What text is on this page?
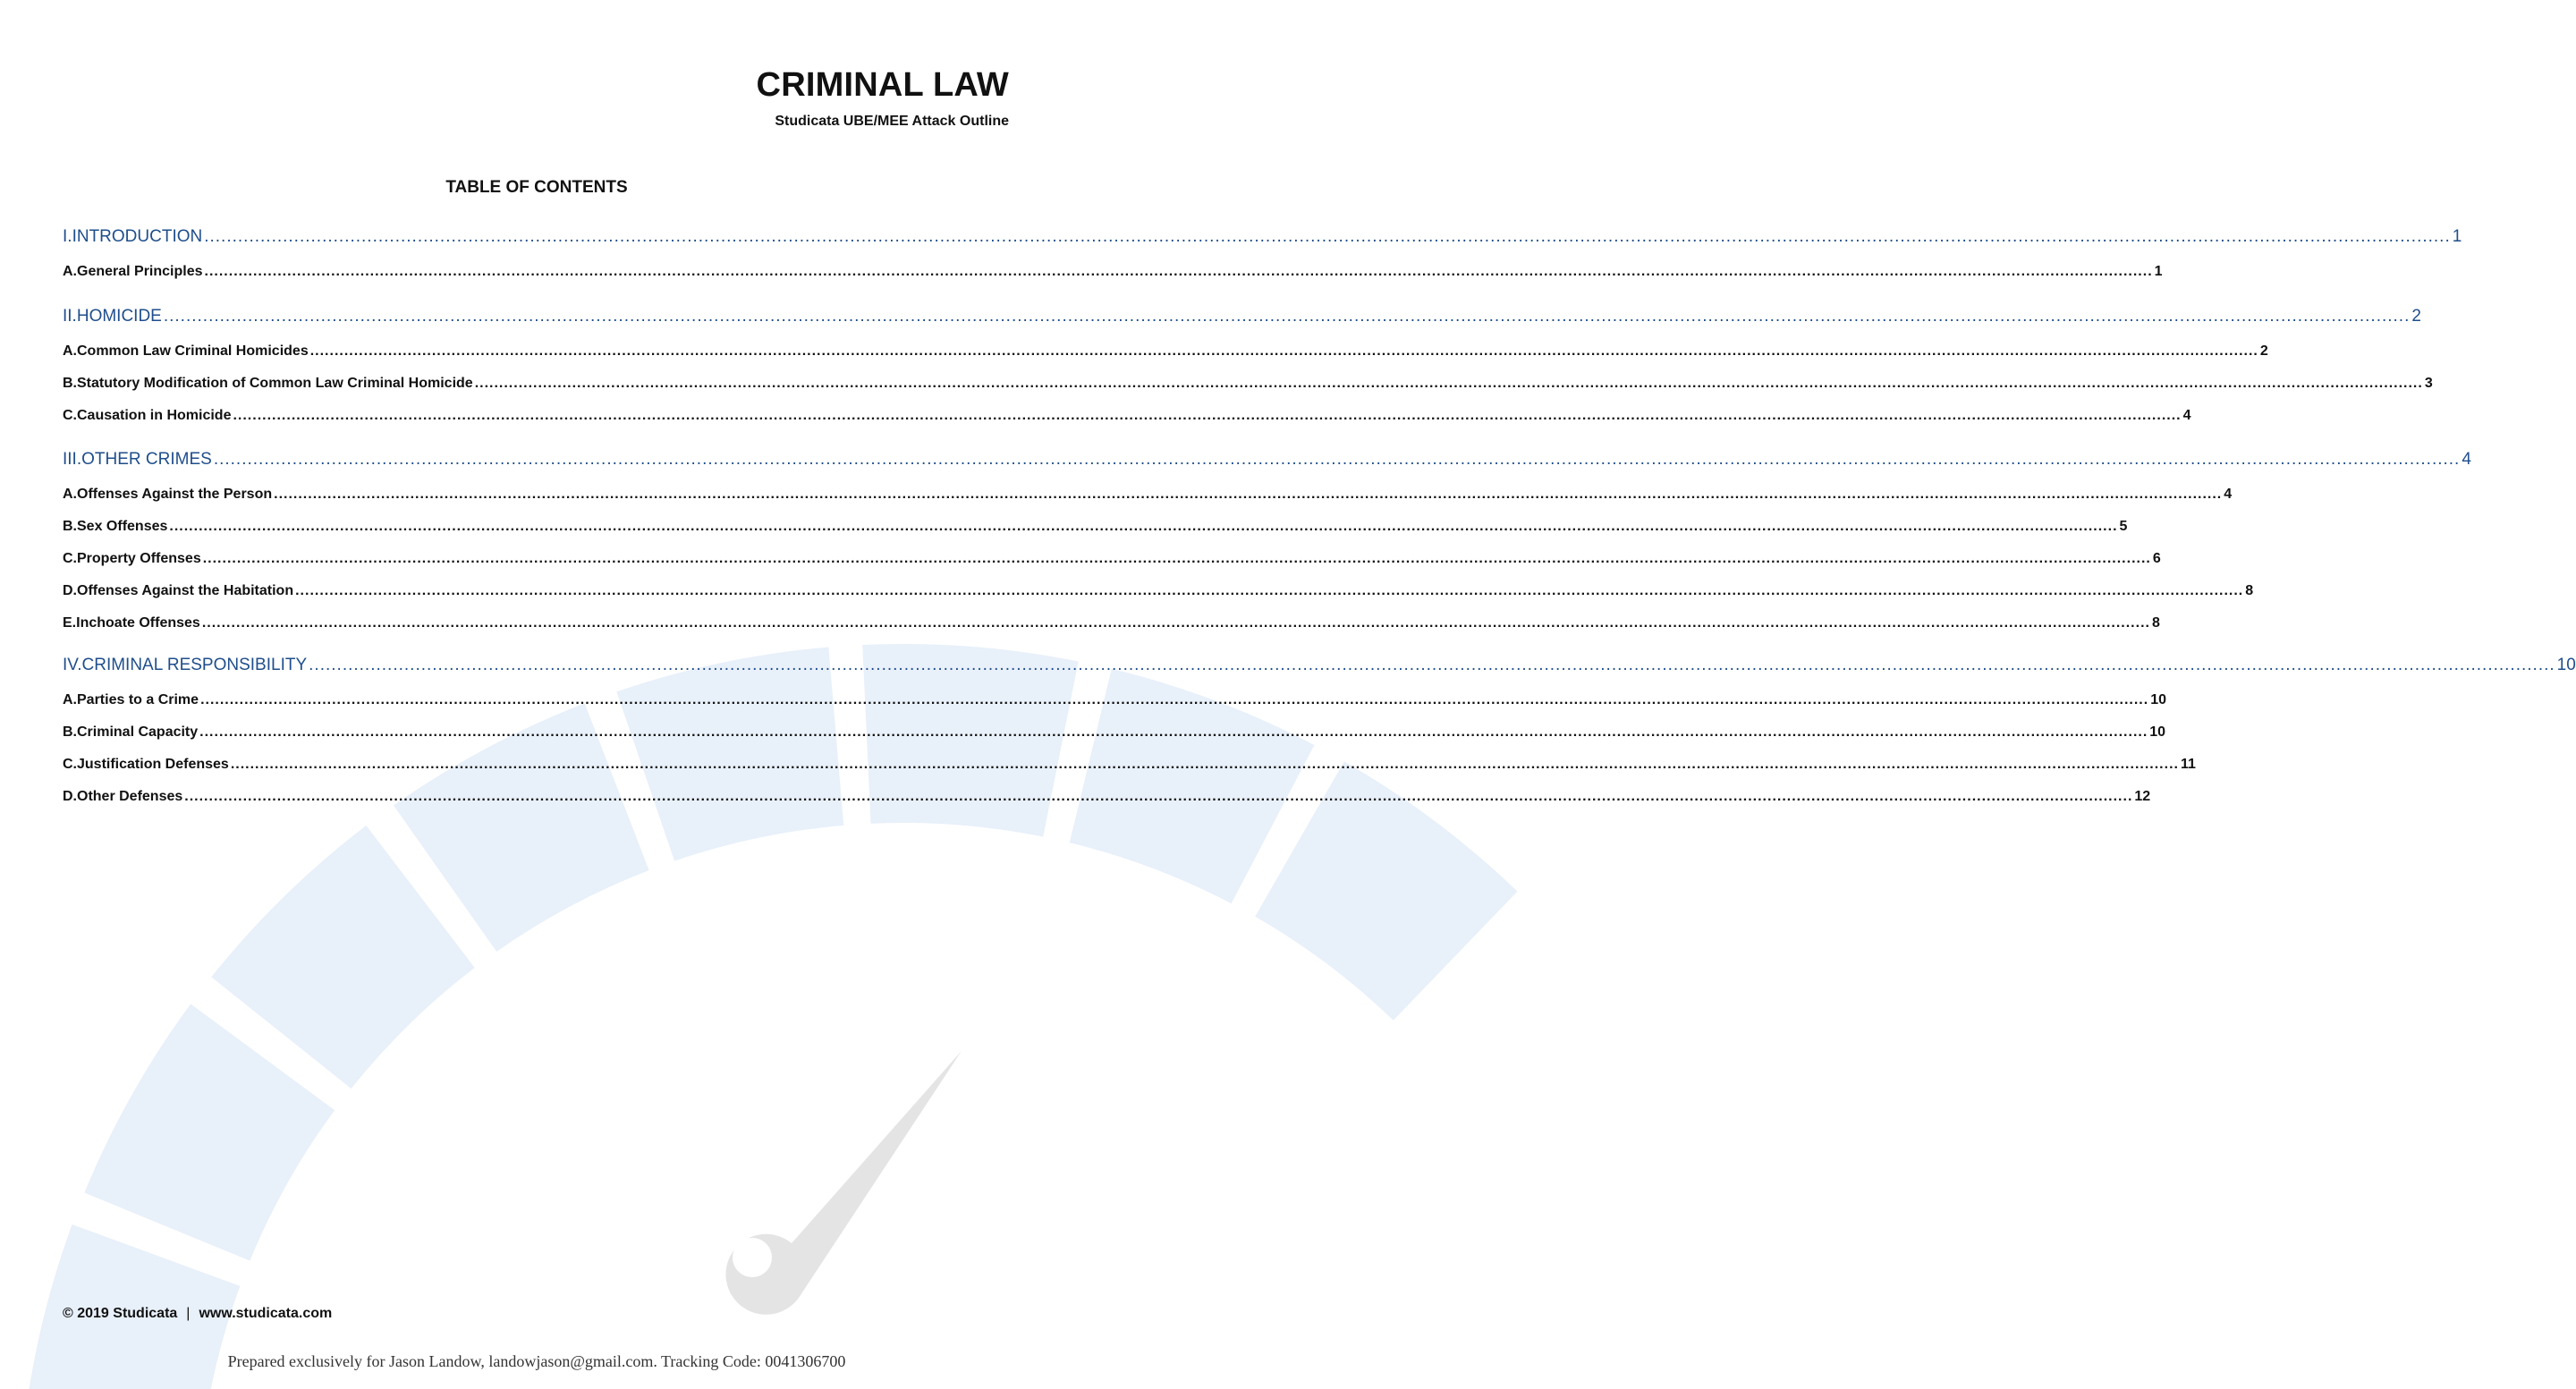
CRIMINAL LAW
Studicata UBE/MEE Attack Outline
TABLE OF CONTENTS
I. INTRODUCTION ................................................................................................................................................................................................................................................................................................................................................................................................................ 1
A. General Principles ................................................................................................................................................................................................................................................................................................................................................................................................................ 1
II. HOMICIDE ................................................................................................................................................................................................................................................................................................................................................................................................................ 2
A. Common Law Criminal Homicides ................................................................................................................................................................................................................................................................................................................................................................................................................ 2
B. Statutory Modification of Common Law Criminal Homicide ................................................................................................................................................................................................................................................................................................................................................................................................................ 3
C. Causation in Homicide ................................................................................................................................................................................................................................................................................................................................................................................................................ 4
III. OTHER CRIMES ................................................................................................................................................................................................................................................................................................................................................................................................................ 4
A. Offenses Against the Person ................................................................................................................................................................................................................................................................................................................................................................................................................ 4
B. Sex Offenses ................................................................................................................................................................................................................................................................................................................................................................................................................ 5
C. Property Offenses ................................................................................................................................................................................................................................................................................................................................................................................................................ 6
D. Offenses Against the Habitation ................................................................................................................................................................................................................................................................................................................................................................................................................ 8
E. Inchoate Offenses ................................................................................................................................................................................................................................................................................................................................................................................................................ 8
IV. CRIMINAL RESPONSIBILITY ................................................................................................................................................................................................................................................................................................................................................................................................................ 10
A. Parties to a Crime ................................................................................................................................................................................................................................................................................................................................................................................................................ 10
B. Criminal Capacity ................................................................................................................................................................................................................................................................................................................................................................................................................ 10
C. Justification Defenses ................................................................................................................................................................................................................................................................................................................................................................................................................ 11
D. Other Defenses ................................................................................................................................................................................................................................................................................................................................................................................................................ 12
© 2019 Studicata | www.studicata.com
Prepared exclusively for Jason Landow, landowjason@gmail.com. Tracking Code: 0041306700
